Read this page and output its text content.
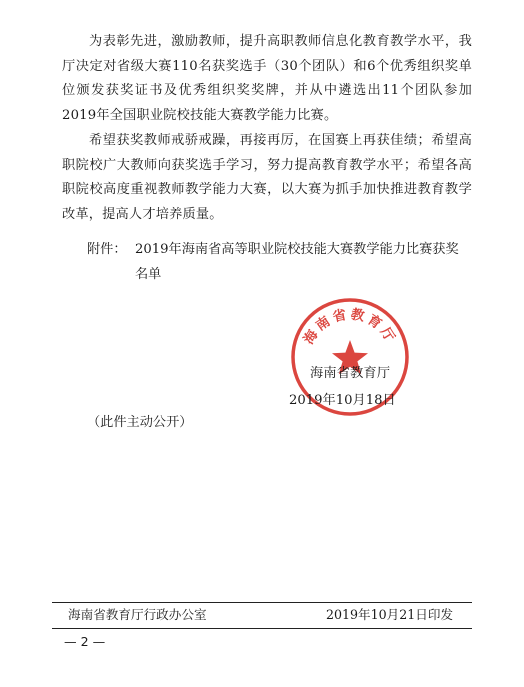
为表彰先进，激励教师，提升高职教师信息化教育教学水平，我厅决定对省级大赛110名获奖选手（30个团队）和6个优秀组织奖单位颁发获奖证书及优秀组织奖奖牌，并从中遴选出11个团队参加2019年全国职业院校技能大赛教学能力比赛。

希望获奖教师戒骄戒躁，再接再厉，在国赛上再获佳绩；希望高职院校广大教师向获奖选手学习，努力提高教育教学水平；希望各高职院校高度重视教师教学能力大赛，以大赛为抓手加快推进教育教学改革，提高人才培养质量。

附件： 2019年海南省高等职业院校技能大赛教学能力比赛获奖名单
海南省教育厅
海南省教育厅
2019年10月18日
（此件主动公开）
海南省教育厅行政办公室	2019年10月21日印发
— 2 —
